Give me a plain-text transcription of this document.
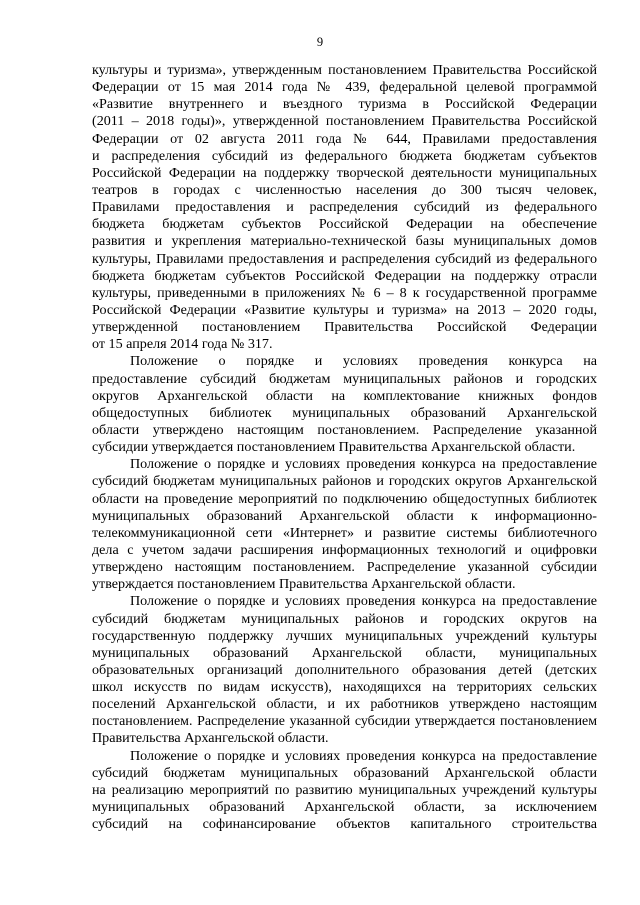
9
культуры и туризма», утвержденным постановлением Правительства Российской
Федерации от 15 мая 2014 года № 439, федеральной целевой программой
«Развитие внутреннего и въездного туризма в Российской Федерации
(2011 – 2018 годы)», утвержденной постановлением Правительства Российской
Федерации от 02 августа 2011 года № 644, Правилами предоставления
и распределения субсидий из федерального бюджета бюджетам субъектов
Российской Федерации на поддержку творческой деятельности муниципальных
театров в городах с численностью населения до 300 тысяч человек,
Правилами предоставления и распределения субсидий из федерального
бюджета бюджетам субъектов Российской Федерации на обеспечение
развития и укрепления материально-технической базы муниципальных домов
культуры, Правилами предоставления и распределения субсидий из федерального
бюджета бюджетам субъектов Российской Федерации на поддержку отрасли
культуры, приведенными в приложениях № 6 – 8 к государственной программе
Российской Федерации «Развитие культуры и туризма» на 2013 – 2020 годы,
утвержденной постановлением Правительства Российской Федерации
от 15 апреля 2014 года № 317.
Положение о порядке и условиях проведения конкурса на
предоставление субсидий бюджетам муниципальных районов и городских
округов Архангельской области на комплектование книжных фондов
общедоступных библиотек муниципальных образований Архангельской
области утверждено настоящим постановлением. Распределение указанной
субсидии утверждается постановлением Правительства Архангельской области.
Положение о порядке и условиях проведения конкурса на предоставление
субсидий бюджетам муниципальных районов и городских округов Архангельской
области на проведение мероприятий по подключению общедоступных библиотек
муниципальных образований Архангельской области к информационно-
телекоммуникационной сети «Интернет» и развитие системы библиотечного
дела с учетом задачи расширения информационных технологий и оцифровки
утверждено настоящим постановлением. Распределение указанной субсидии
утверждается постановлением Правительства Архангельской области.
Положение о порядке и условиях проведения конкурса на предоставление
субсидий бюджетам муниципальных районов и городских округов на
государственную поддержку лучших муниципальных учреждений культуры
муниципальных образований Архангельской области, муниципальных
образовательных организаций дополнительного образования детей (детских
школ искусств по видам искусств), находящихся на территориях сельских
поселений Архангельской области, и их работников утверждено настоящим
постановлением. Распределение указанной субсидии утверждается постановлением
Правительства Архангельской области.
Положение о порядке и условиях проведения конкурса на предоставление
субсидий бюджетам муниципальных образований Архангельской области
на реализацию мероприятий по развитию муниципальных учреждений культуры
муниципальных образований Архангельской области, за исключением
субсидий на софинансирование объектов капитального строительства
